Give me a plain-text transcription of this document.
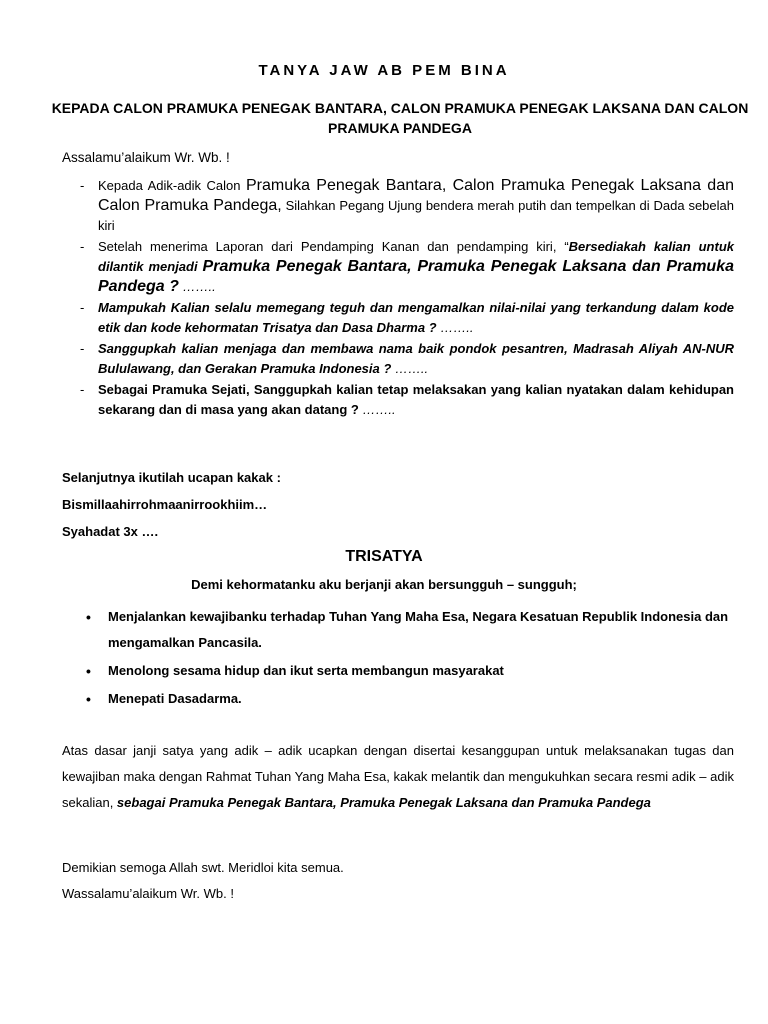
TANYA JAW AB PEM BINA
KEPADA CALON PRAMUKA PENEGAK BANTARA, CALON PRAMUKA PENEGAK LAKSANA DAN CALON PRAMUKA PANDEGA
Assalamu’alaikum Wr. Wb. !
- Kepada Adik-adik Calon Pramuka Penegak Bantara, Calon Pramuka Penegak Laksana dan Calon Pramuka Pandega, Silahkan Pegang Ujung bendera merah putih dan tempelkan di Dada sebelah kiri
- Setelah menerima Laporan dari Pendamping Kanan dan pendamping kiri, “Bersediakah kalian untuk dilantik menjadi Pramuka Penegak Bantara, Pramuka Penegak Laksana dan Pramuka Pandega ? ……..
- Mampukah Kalian selalu memegang teguh dan mengamalkan nilai-nilai yang terkandung dalam kode etik dan kode kehormatan Trisatya dan Dasa Dharma ? ……..
- Sanggupkah kalian menjaga dan membawa nama baik pondok pesantren, Madrasah Aliyah AN-NUR Bululawang, dan Gerakan Pramuka Indonesia ? ……..
- Sebagai Pramuka Sejati, Sanggupkah kalian tetap melaksakan yang kalian nyatakan dalam kehidupan sekarang dan di masa yang akan datang ? ……..
Selanjutnya ikutilah ucapan kakak :
Bismillaahirrohmaanirrookhiim…
Syahadat 3x ….
TRISATYA
Demi kehormatanku aku berjanji akan bersungguh – sungguh;
• Menjalankan kewajibanku terhadap Tuhan Yang Maha Esa, Negara Kesatuan Republik Indonesia dan mengamalkan Pancasila.
• Menolong sesama hidup dan ikut serta membangun masyarakat
• Menepati Dasadarma.
Atas dasar janji satya yang adik – adik ucapkan dengan disertai kesanggupan untuk melaksanakan tugas dan kewajiban maka dengan Rahmat Tuhan Yang Maha Esa, kakak melantik dan mengukuhkan secara resmi adik – adik sekalian, sebagai Pramuka Penegak Bantara, Pramuka Penegak Laksana dan Pramuka Pandega
Demikian semoga Allah swt. Meridloi kita semua.
Wassalamu’alaikum Wr. Wb. !
